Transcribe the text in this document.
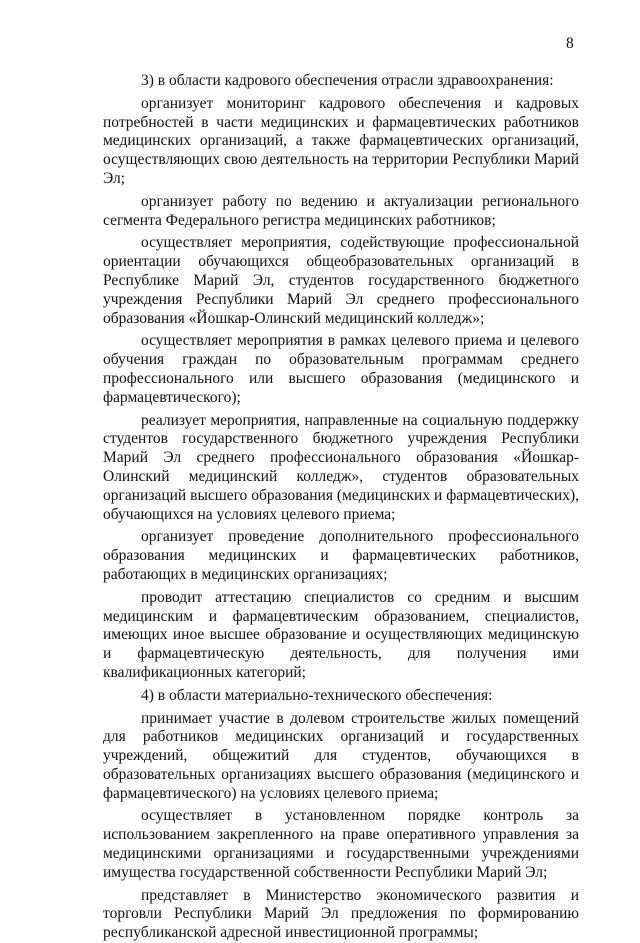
8

3) в области кадрового обеспечения отрасли здравоохранения:

организует мониторинг кадрового обеспечения и кадровых потребностей в части медицинских и фармацевтических работников медицинских организаций, а также фармацевтических организаций, осуществляющих свою деятельность на территории Республики Марий Эл;

организует работу по ведению и актуализации регионального сегмента Федерального регистра медицинских работников;

осуществляет мероприятия, содействующие профессиональной ориентации обучающихся общеобразовательных организаций в Республике Марий Эл, студентов государственного бюджетного учреждения Республики Марий Эл среднего профессионального образования «Йошкар-Олинский медицинский колледж»;

осуществляет мероприятия в рамках целевого приема и целевого обучения граждан по образовательным программам среднего профессионального или высшего образования (медицинского и фармацевтического);

реализует мероприятия, направленные на социальную поддержку студентов государственного бюджетного учреждения Республики Марий Эл среднего профессионального образования «Йошкар-Олинский медицинский колледж», студентов образовательных организаций высшего образования (медицинских и фармацевтических), обучающихся на условиях целевого приема;

организует проведение дополнительного профессионального образования медицинских и фармацевтических работников, работающих в медицинских организациях;

проводит аттестацию специалистов со средним и высшим медицинским и фармацевтическим образованием, специалистов, имеющих иное высшее образование и осуществляющих медицинскую и фармацевтическую деятельность, для получения ими квалификационных категорий;

4) в области материально-технического обеспечения:

принимает участие в долевом строительстве жилых помещений для работников медицинских организаций и государственных учреждений, общежитий для студентов, обучающихся в образовательных организациях высшего образования (медицинского и фармацевтического) на условиях целевого приема;

осуществляет в установленном порядке контроль за использованием закрепленного на праве оперативного управления за медицинскими организациями и государственными учреждениями имущества государственной собственности Республики Марий Эл;

представляет в Министерство экономического развития и торговли Республики Марий Эл предложения по формированию республиканской адресной инвестиционной программы;
